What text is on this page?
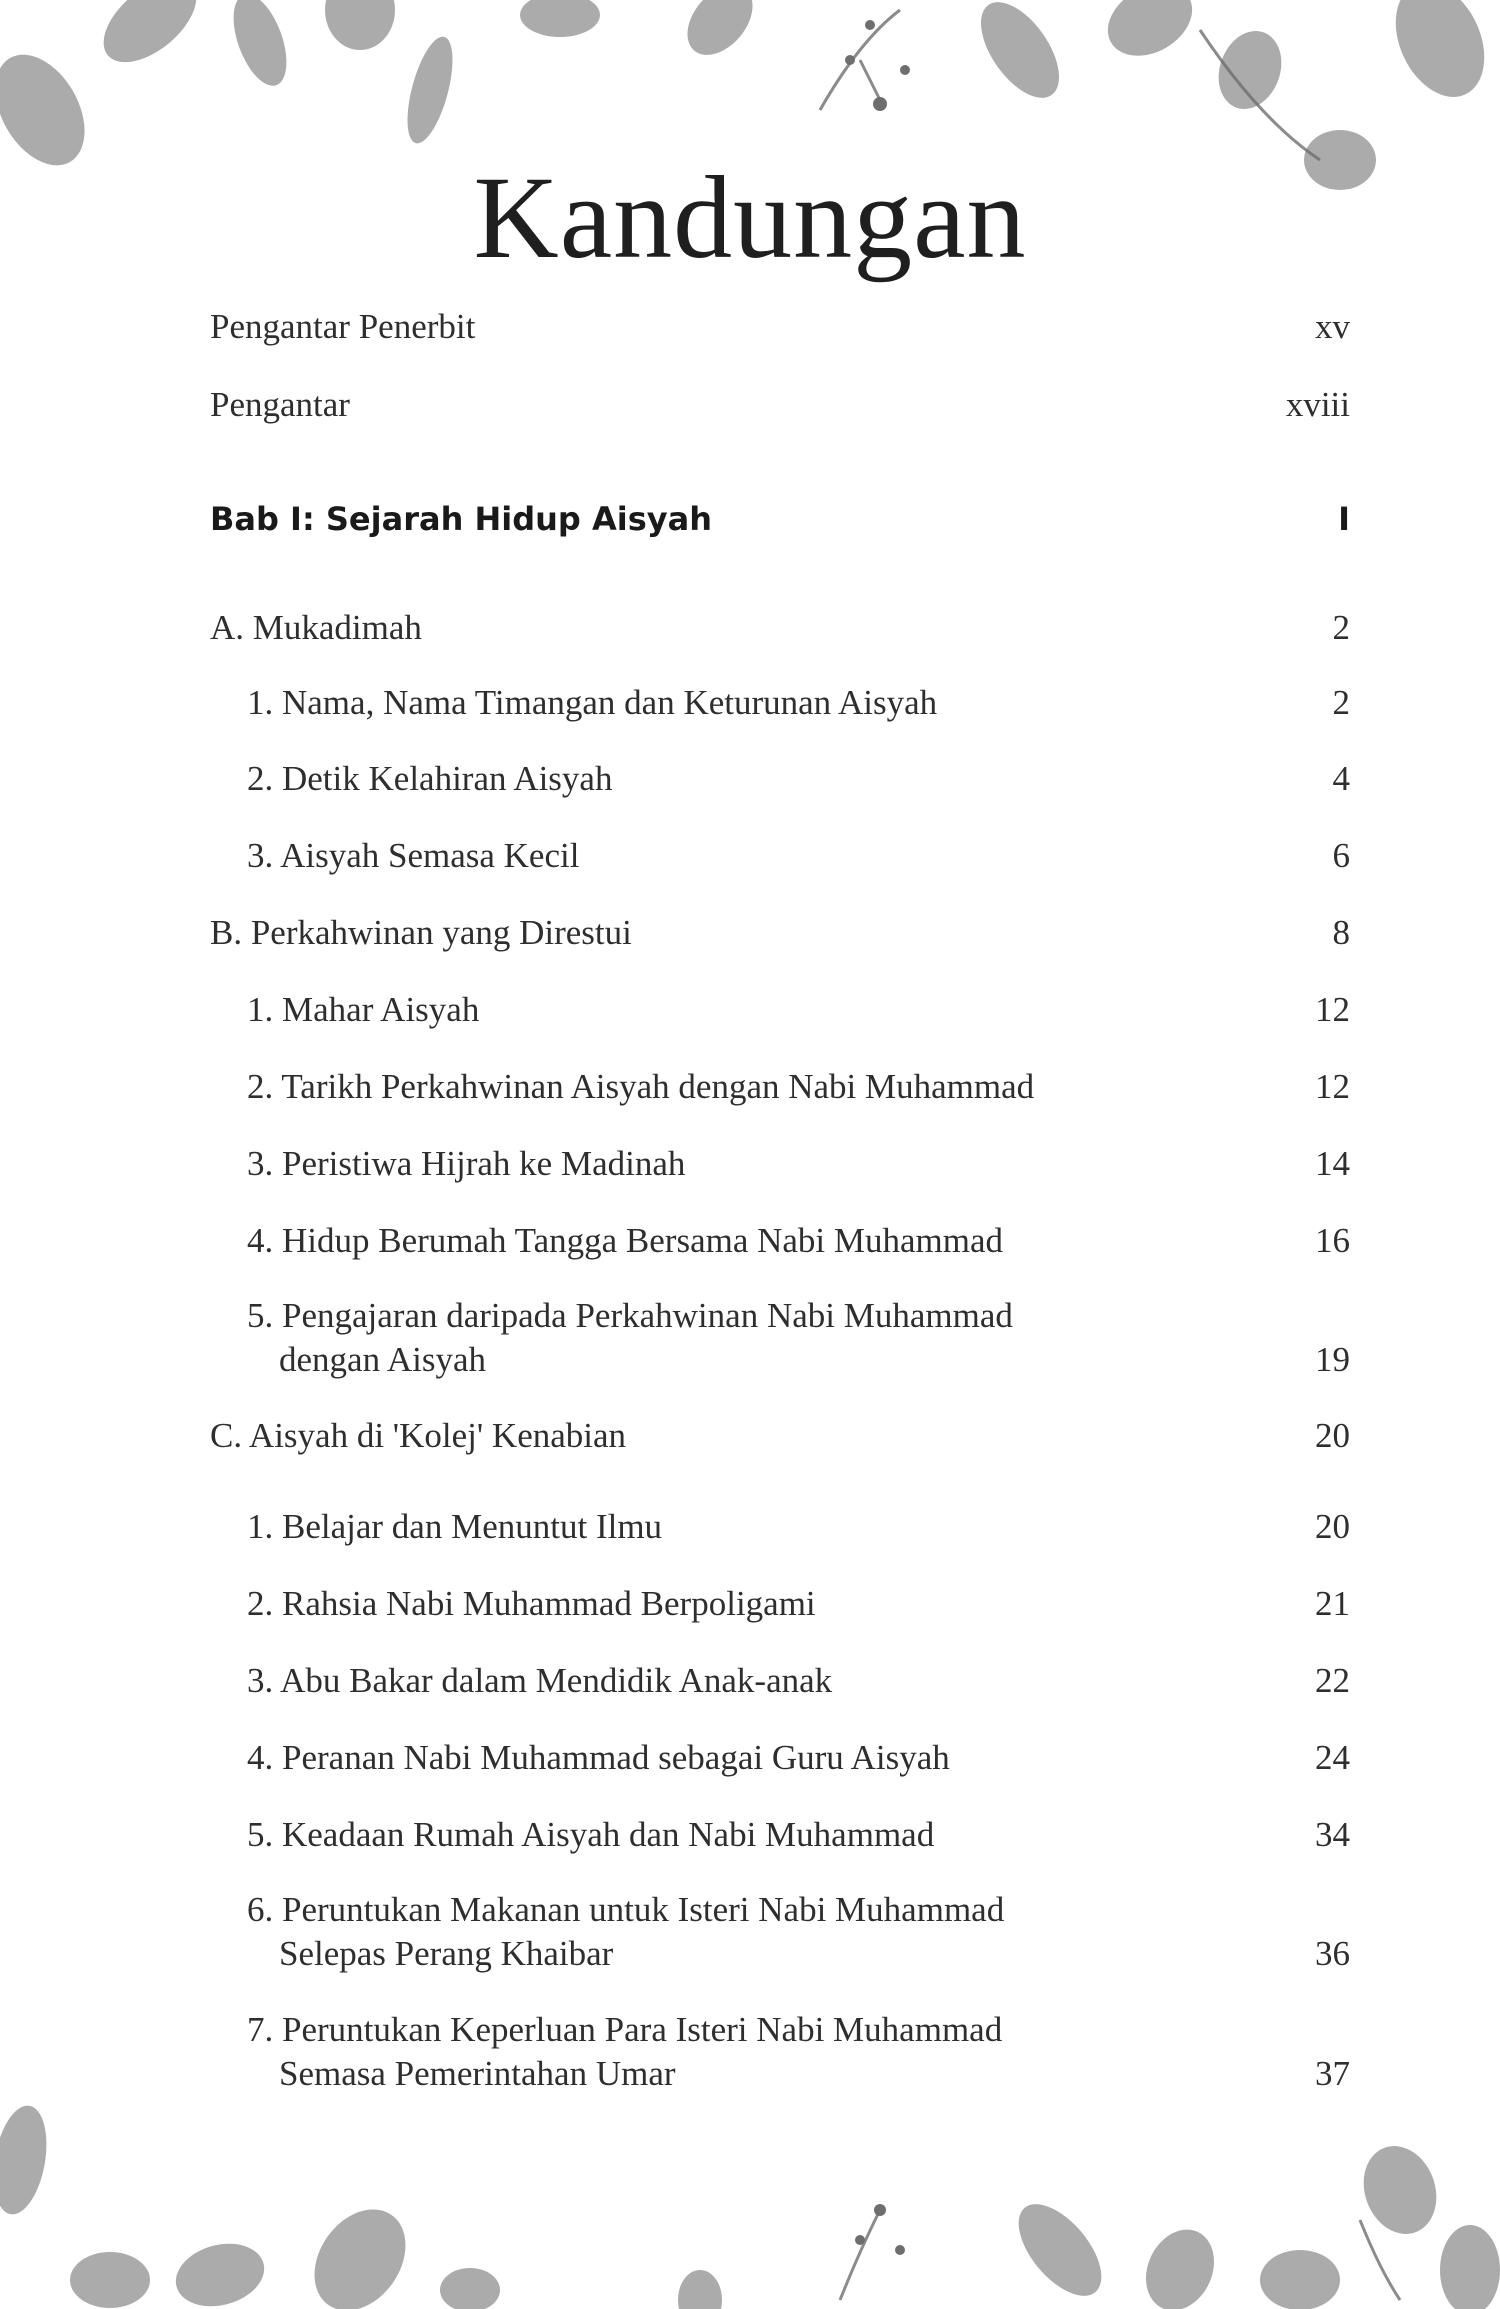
Kandungan
Pengantar Penerbit	xv
Pengantar	xviii
Bab I: Sejarah Hidup Aisyah	I
A. Mukadimah	2
1. Nama, Nama Timangan dan Keturunan Aisyah	2
2. Detik Kelahiran Aisyah	4
3. Aisyah Semasa Kecil	6
B. Perkahwinan yang Direstui	8
1. Mahar Aisyah	12
2. Tarikh Perkahwinan Aisyah dengan Nabi Muhammad	12
3. Peristiwa Hijrah ke Madinah	14
4. Hidup Berumah Tangga Bersama Nabi Muhammad	16
5. Pengajaran daripada Perkahwinan Nabi Muhammad
dengan Aisyah	19
C. Aisyah di 'Kolej' Kenabian	20
1. Belajar dan Menuntut Ilmu	20
2. Rahsia Nabi Muhammad Berpoligami	21
3. Abu Bakar dalam Mendidik Anak-anak	22
4. Peranan Nabi Muhammad sebagai Guru Aisyah	24
5. Keadaan Rumah Aisyah dan Nabi Muhammad	34
6. Peruntukan Makanan untuk Isteri Nabi Muhammad
Selepas Perang Khaibar	36
7. Peruntukan Keperluan Para Isteri Nabi Muhammad
Semasa Pemerintahan Umar	37
